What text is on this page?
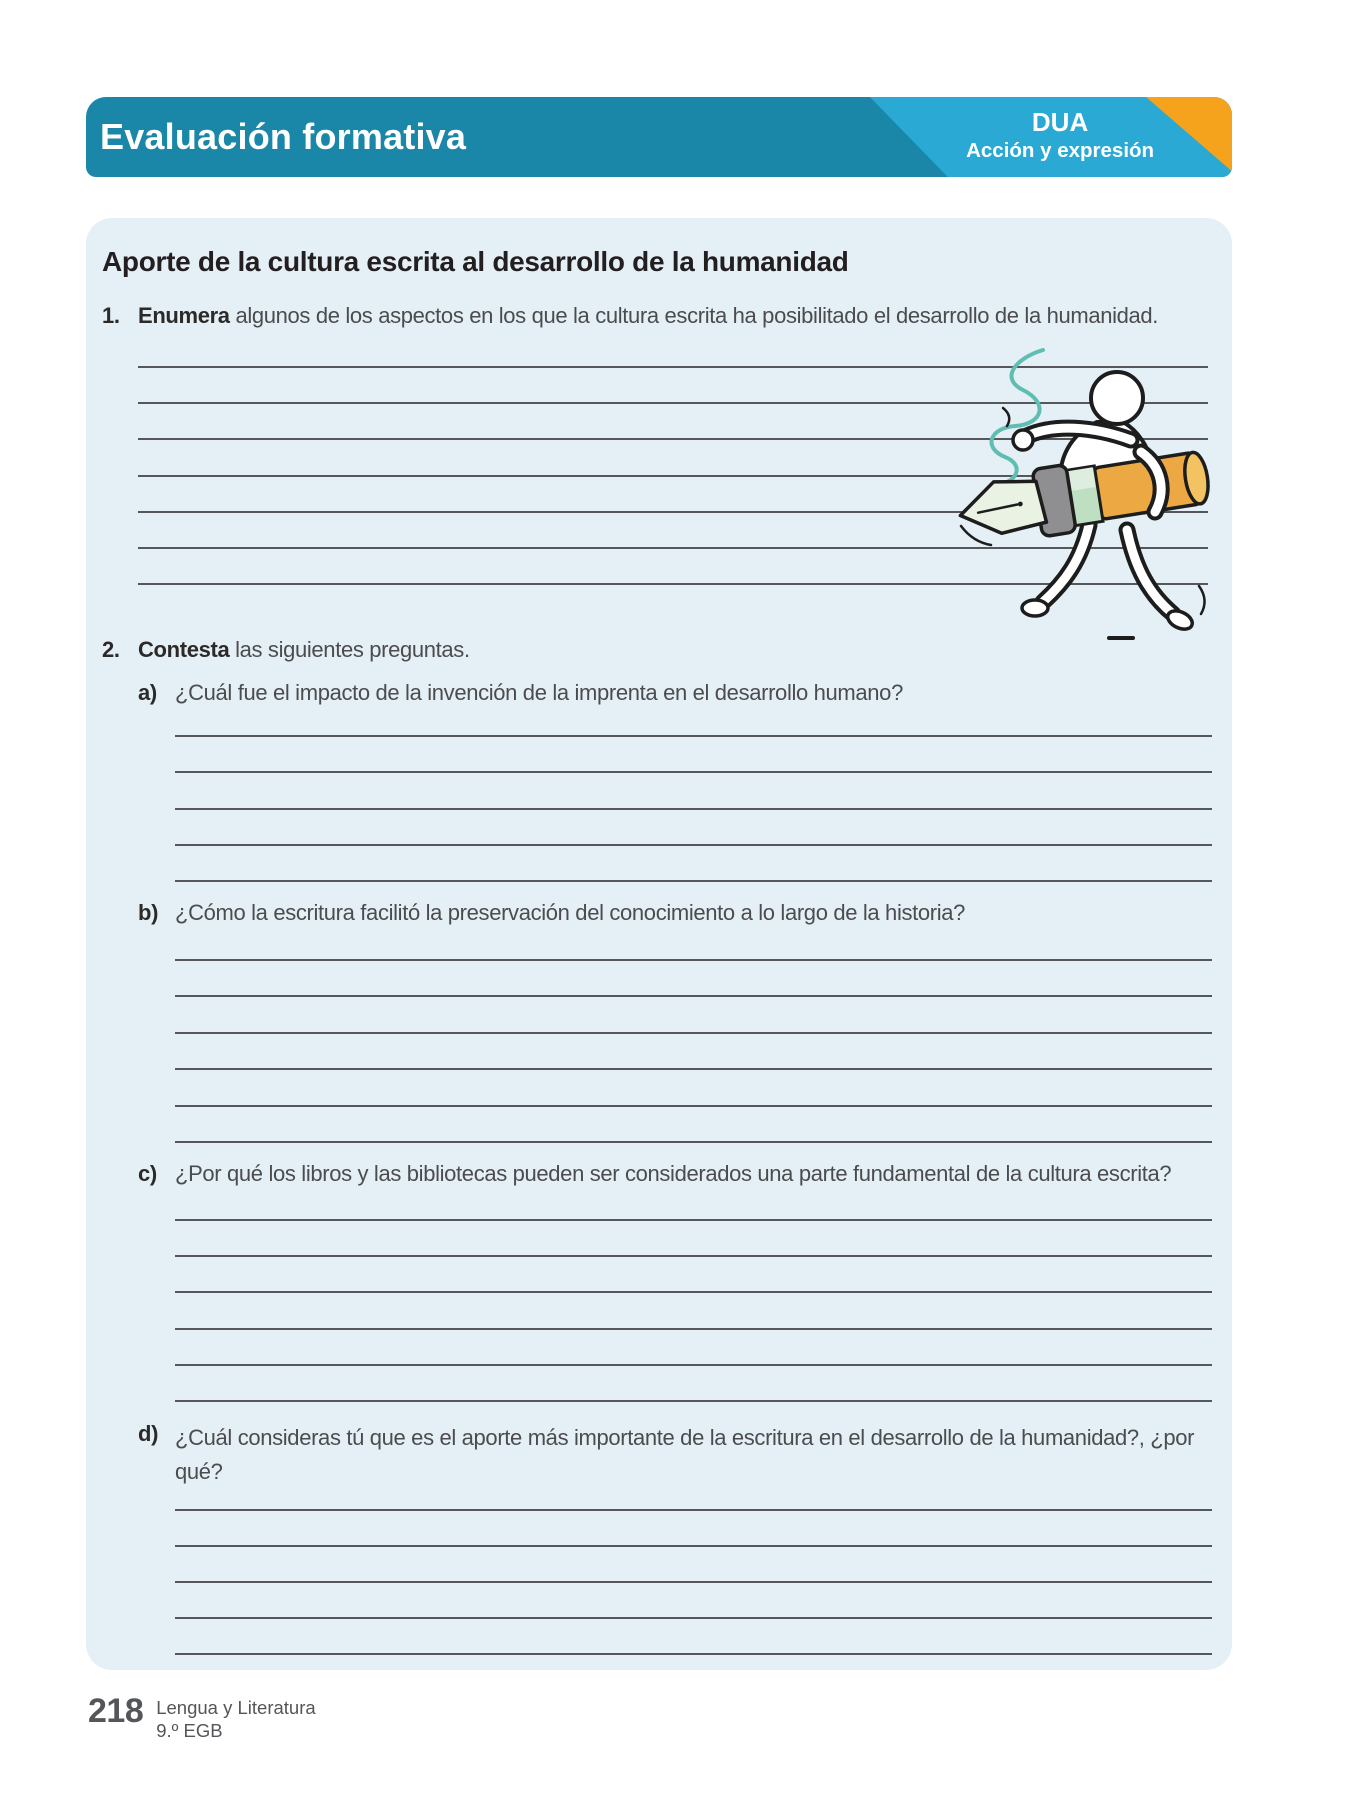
Evaluación formativa	DUA
Acción y expresión
Aporte de la cultura escrita al desarrollo de la humanidad
1. Enumera algunos de los aspectos en los que la cultura escrita ha posibilitado el desarrollo de la humanidad.

2. Contesta las siguientes preguntas.

a) ¿Cuál fue el impacto de la invención de la imprenta en el desarrollo humano?

b) ¿Cómo la escritura facilitó la preservación del conocimiento a lo largo de la historia?

c) ¿Por qué los libros y las bibliotecas pueden ser considerados una parte fundamental de la cultura escrita?

d) ¿Cuál consideras tú que es el aporte más importante de la escritura en el desarrollo de la humanidad?, ¿por qué?

218 Lengua y Literatura
9.º EGB
